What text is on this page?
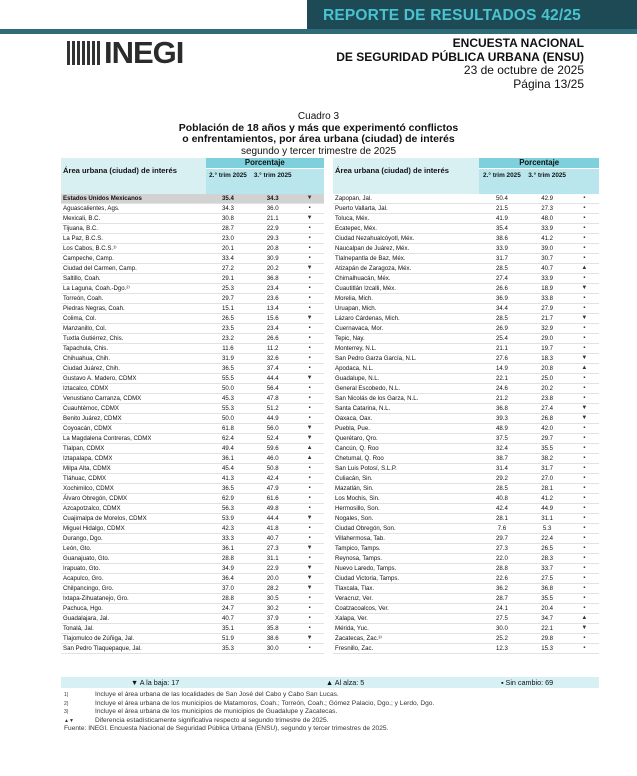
REPORTE DE RESULTADOS 42/25
INEGI	ENCUESTA NACIONAL
DE SEGURIDAD PÚBLICA URBANA (ENSU)
23 de octubre de 2025
Página 13/25
Cuadro 3
Población de 18 años y más que experimentó conflictos
o enfrentamientos, por área urbana (ciudad) de interés
segundo y tercer trimestre de 2025
Área urbana (ciudad) de interés
Porcentaje
2.° trim 2025	3.° trim 2025
Estados Unidos Mexicanos	35.4	34.3	▼
Aguascalientes, Ags.	34.3	36.0	▪
Mexicali, B.C.	30.8	21.1	▼
Tijuana, B.C.	28.7	22.9	▪
La Paz, B.C.S.	23.0	29.3	▪
Los Cabos, B.C.S.¹⁾	20.1	20.8	▪
Campeche, Camp.	33.4	30.9	▪
Ciudad del Carmen, Camp.	27.2	20.2	▼
Saltillo, Coah.	29.1	36.8	▪
La Laguna, Coah.-Dgo.²⁾	25.3	23.4	▪
Torreón, Coah.	29.7	23.6	▪
Piedras Negras, Coah.	15.1	13.4	▪
Colima, Col.	26.5	15.6	▼
Manzanillo, Col.	23.5	23.4	▪
Tuxtla Gutiérrez, Chis.	23.2	26.6	▪
Tapachula, Chis.	11.6	11.2	▪
Chihuahua, Chih.	31.9	32.6	▪
Ciudad Juárez, Chih.	36.5	37.4	▪
Gustavo A. Madero, CDMX	55.5	44.4	▼
Iztacalco, CDMX	50.0	56.4	▪
Venustiano Carranza, CDMX	45.3	47.8	▪
Cuauhtémoc, CDMX	55.3	51.2	▪
Benito Juárez, CDMX	50.0	44.9	▪
Coyoacán, CDMX	61.8	56.0	▼
La Magdalena Contreras, CDMX	62.4	52.4	▼
Tlalpan, CDMX	49.4	59.6	▲
Iztapalapa, CDMX	36.1	46.0	▲
Milpa Alta, CDMX	45.4	50.8	▪
Tláhuac, CDMX	41.3	42.4	▪
Xochimilco, CDMX	36.5	47.9	▪
Álvaro Obregón, CDMX	62.9	61.6	▪
Azcapotzalco, CDMX	56.3	49.8	▪
Cuajimalpa de Morelos, CDMX	53.9	44.4	▼
Miguel Hidalgo, CDMX	42.3	41.8	▪
Durango, Dgo.	33.3	40.7	▪
León, Gto.	36.1	27.3	▼
Guanajuato, Gto.	28.8	31.1	▪
Irapuato, Gto.	34.9	22.9	▼
Acapulco, Gro.	36.4	20.0	▼
Chilpancingo, Gro.	37.0	28.2	▼
Ixtapa-Zihuatanejo, Gro.	28.8	30.5	▪
Pachuca, Hgo.	24.7	30.2	▪
Guadalajara, Jal.	40.7	37.9	▪
Tonalá, Jal.	35.1	35.8	▪
Tlajomulco de Zúñiga, Jal.	51.9	38.6	▼
San Pedro Tlaquepaque, Jal.	35.3	30.0	▪
Área urbana (ciudad) de interés
Porcentaje
2.° trim 2025	3.° trim 2025
Zapopan, Jal.	50.4	42.9	▪
Puerto Vallarta, Jal.	21.5	27.3	▪
Toluca, Méx.	41.9	48.0	▪
Ecatepec, Méx.	35.4	33.9	▪
Ciudad Nezahualcóyotl, Méx.	38.6	41.2	▪
Naucalpan de Juárez, Méx.	33.9	39.0	▪
Tlalnepantla de Baz, Méx.	31.7	30.7	▪
Atizapán de Zaragoza, Méx.	28.5	40.7	▲
Chimalhuacán, Méx.	27.4	33.9	▪
Cuautitlán Izcalli, Méx.	26.6	18.9	▼
Morelia, Mich.	36.9	33.8	▪
Uruapan, Mich.	34.4	27.9	▪
Lázaro Cárdenas, Mich.	28.5	21.7	▼
Cuernavaca, Mor.	26.9	32.9	▪
Tepic, Nay.	25.4	29.0	▪
Monterrey, N.L.	21.1	19.7	▪
San Pedro Garza García, N.L.	27.6	18.3	▼
Apodaca, N.L.	14.9	20.8	▲
Guadalupe, N.L.	22.1	25.0	▪
General Escobedo, N.L.	24.6	20.2	▪
San Nicolás de los Garza, N.L.	21.2	23.8	▪
Santa Catarina, N.L.	36.8	27.4	▼
Oaxaca, Oax.	39.3	26.8	▼
Puebla, Pue.	48.9	42.0	▪
Querétaro, Qro.	37.5	29.7	▪
Cancún, Q. Roo	32.4	35.5	▪
Chetumal, Q. Roo	38.7	38.2	▪
San Luis Potosí, S.L.P.	31.4	31.7	▪
Culiacán, Sin.	29.2	27.0	▪
Mazatlán, Sin.	28.5	28.1	▪
Los Mochis, Sin.	40.8	41.2	▪
Hermosillo, Son.	42.4	44.9	▪
Nogales, Son.	28.1	31.1	▪
Ciudad Obregón, Son.	7.6	5.3	▪
Villahermosa, Tab.	29.7	22.4	▪
Tampico, Tamps.	27.3	26.5	▪
Reynosa, Tamps.	22.0	28.3	▪
Nuevo Laredo, Tamps.	28.8	33.7	▪
Ciudad Victoria, Tamps.	22.6	27.5	▪
Tlaxcala, Tlax.	36.2	36.8	▪
Veracruz, Ver.	28.7	35.5	▪
Coatzacoalcos, Ver.	24.1	20.4	▪
Xalapa, Ver.	27.5	34.7	▲
Mérida, Yuc.	30.0	22.1	▼
Zacatecas, Zac.³⁾	25.2	29.8	▪
Fresnillo, Zac.	12.3	15.3	▪
▼ A la baja: 17	▲ Al alza: 5	▪ Sin cambio: 69
1)	Incluye el área urbana de las localidades de San José del Cabo y Cabo San Lucas.
2)	Incluye el área urbana de los municipios de Matamoros, Coah.; Torreón, Coah.; Gómez Palacio, Dgo.; y Lerdo, Dgo.
3)	Incluye el área urbana de los municipios de municipios de Guadalupe y Zacatecas.
▲▼	Diferencia estadísticamente significativa respecto al segundo trimestre de 2025.
Fuente: INEGI. Encuesta Nacional de Seguridad Pública Urbana (ENSU), segundo y tercer trimestres de 2025.
